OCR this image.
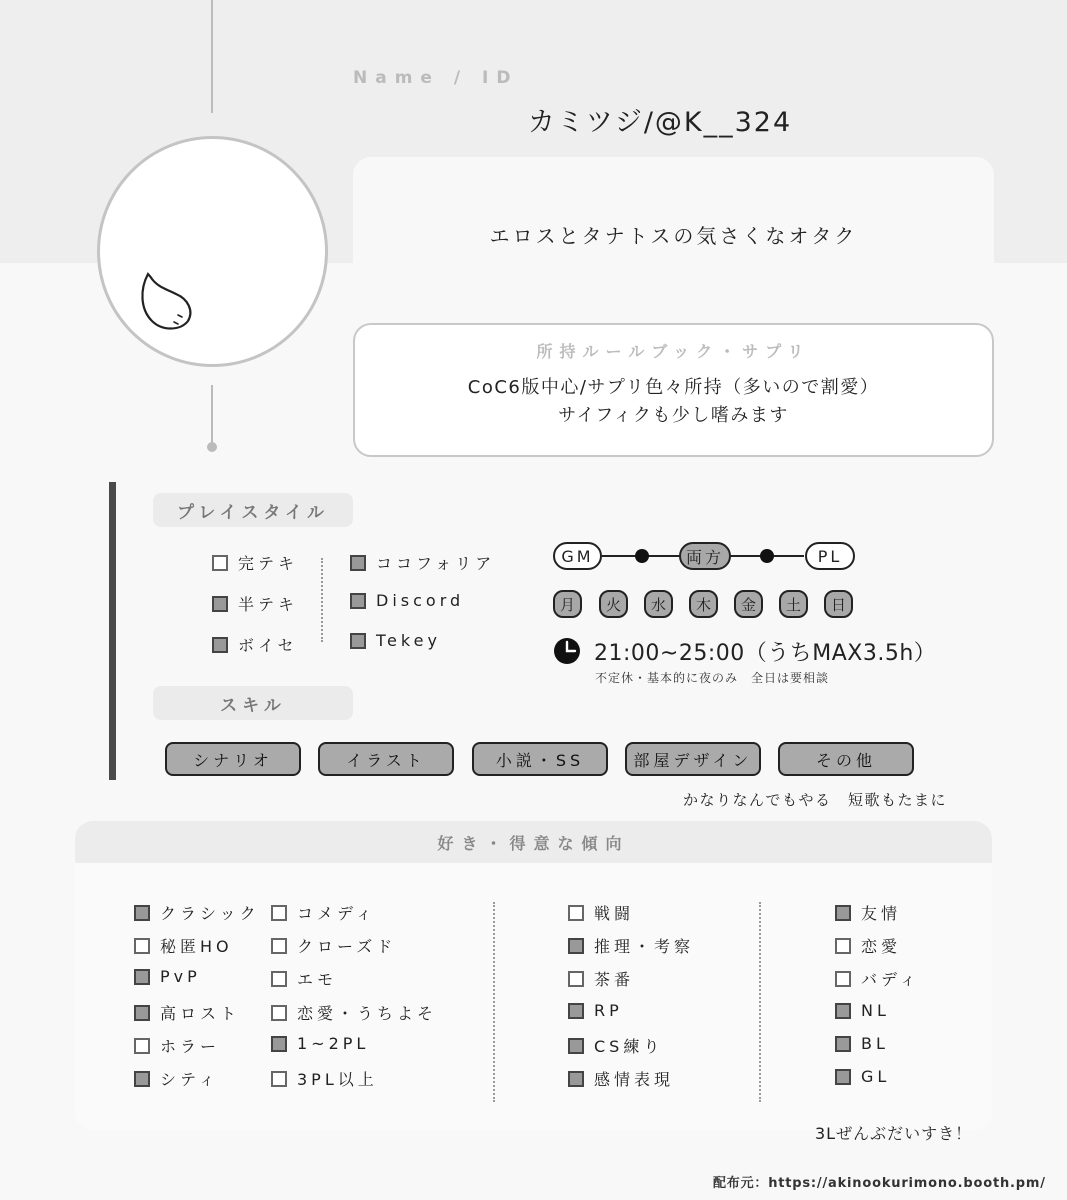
Name / ID
カミツジ/@K__324
エロスとタナトスの気さくなオタク
所持ルールブック・サプリ
CoC6版中心/サプリ色々所持（多いので割愛）
サイフィクも少し嗜みます
プレイスタイル
完テキ
半テキ
ボイセ
ココフォリア
Discord
Tekey
GM	両方	PL
月	火	水	木	金	土	日
21:00~25:00（うちMAX3.5h）
不定休・基本的に夜のみ　全日は要相談
スキル
シナリオ	イラスト	小説・SS	部屋デザイン	その他
かなりなんでもやる　短歌もたまに
好き・得意な傾向
クラシック
秘匿HO
PvP
高ロスト
ホラー
シティ
コメディ
クローズド
エモ
恋愛・うちよそ
1~2PL
3PL以上
戦闘
推理・考察
茶番
RP
CS練り
感情表現
友情
恋愛
バディ
NL
BL
GL
3Lぜんぶだいすき！
配布元：https://akinookurimono.booth.pm/
